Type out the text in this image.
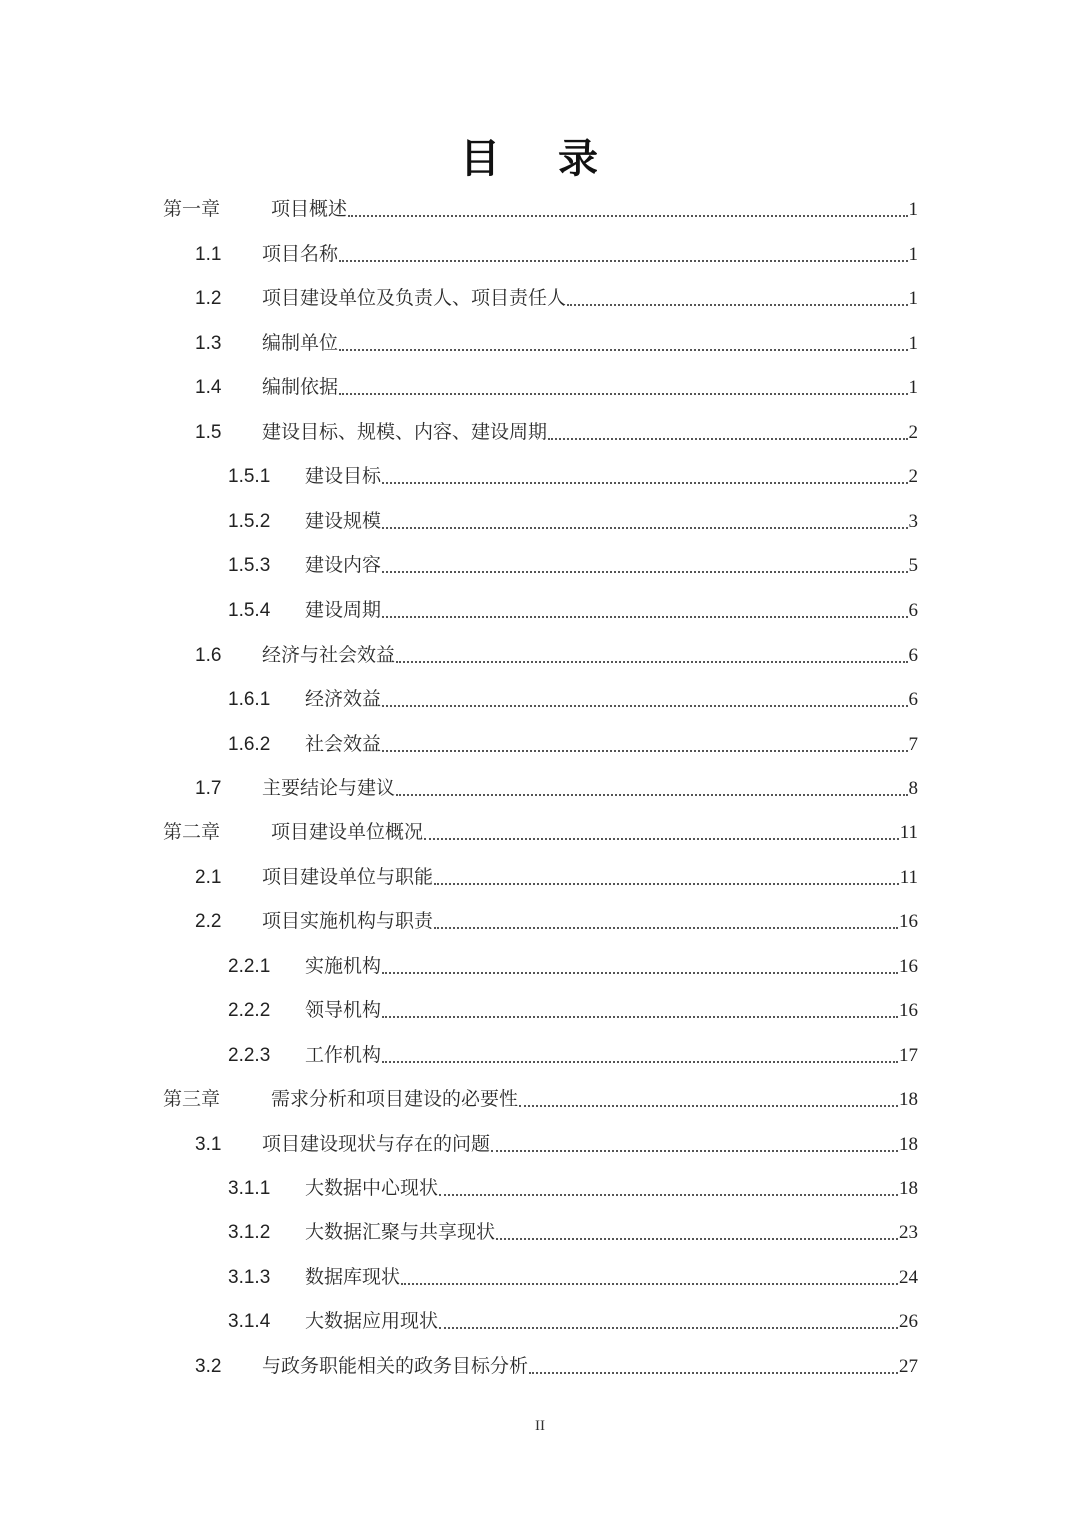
目 录
第一章	项目概述	1
1.1	项目名称	1
1.2	项目建设单位及负责人、项目责任人	1
1.3	编制单位	1
1.4	编制依据	1
1.5	建设目标、规模、内容、建设周期	2
1.5.1	建设目标	2
1.5.2	建设规模	3
1.5.3	建设内容	5
1.5.4	建设周期	6
1.6	经济与社会效益	6
1.6.1	经济效益	6
1.6.2	社会效益	7
1.7	主要结论与建议	8
第二章	项目建设单位概况	11
2.1	项目建设单位与职能	11
2.2	项目实施机构与职责	16
2.2.1	实施机构	16
2.2.2	领导机构	16
2.2.3	工作机构	17
第三章	需求分析和项目建设的必要性	18
3.1	项目建设现状与存在的问题	18
3.1.1	大数据中心现状	18
3.1.2	大数据汇聚与共享现状	23
3.1.3	数据库现状	24
3.1.4	大数据应用现状	26
3.2	与政务职能相关的政务目标分析	27
II
